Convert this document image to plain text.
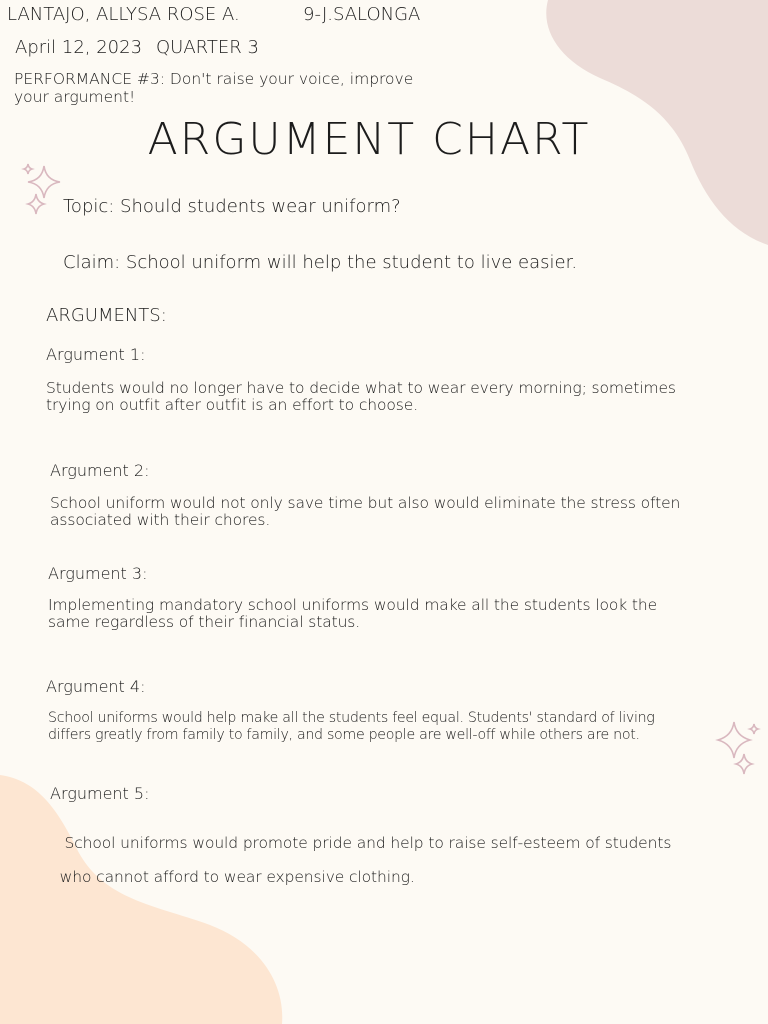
LANTAJO, ALLYSA ROSE A.	9-J.SALONGA

April 12, 2023 QUARTER 3

PERFORMANCE #3: Don't raise your voice, improve

your argument!

ARGUMENT CHART

Topic: Should students wear uniform?

Claim: School uniform will help the student to live easier.

ARGUMENTS:

Argument 1:

Students would no longer have to decide what to wear every morning; sometimes
trying on outfit after outfit is an effort to choose.

Argument 2:

School uniform would not only save time but also would eliminate the stress often
associated with their chores.

Argument 3:

Implementing mandatory school uniforms would make all the students look the
same regardless of their financial status.

Argument 4:

School uniforms would help make all the students feel equal. Students' standard of living
differs greatly from family to family, and some people are well-off while others are not.

Argument 5:

School uniforms would promote pride and help to raise self-esteem of students

who cannot afford to wear expensive clothing.
